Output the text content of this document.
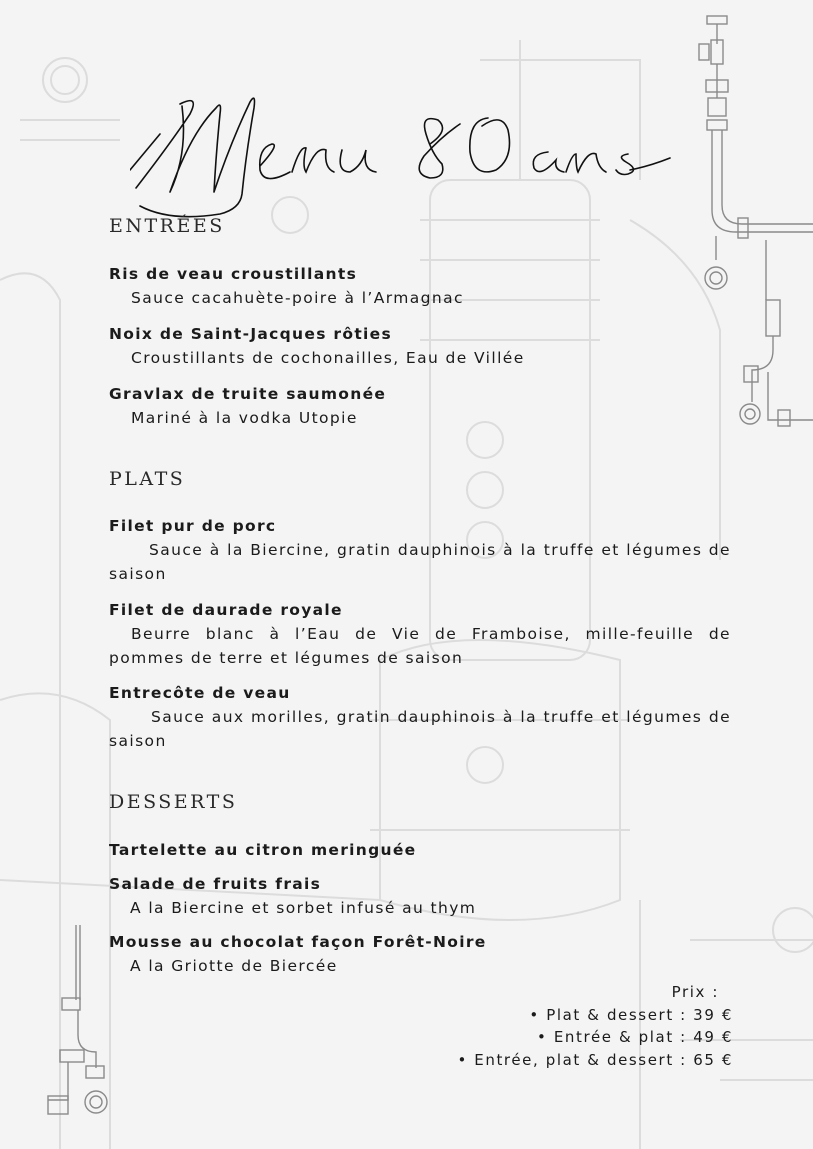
ENTRÉES
Ris de veau croustillants
Sauce cacahuète-poire à l’Armagnac
Noix de Saint-Jacques rôties
Croustillants de cochonailles, Eau de Villée
Gravlax de truite saumonée
Mariné à la vodka Utopie
PLATS
Filet pur de porc
Sauce à la Biercine, gratin dauphinois à la truffe et légumes de saison
Filet de daurade royale
Beurre blanc à l’Eau de Vie de Framboise, mille-feuille de pommes de terre et légumes de saison
Entrecôte de veau
Sauce aux morilles, gratin dauphinois à la truffe et légumes de saison
DESSERTS
Tartelette au citron meringuée
Salade de fruits frais
A la Biercine et sorbet infusé au thym
Mousse au chocolat façon Forêt-Noire
A la Griotte de Biercée
Prix :
• Plat & dessert : 39 €
• Entrée & plat : 49 €
• Entrée, plat & dessert : 65 €
